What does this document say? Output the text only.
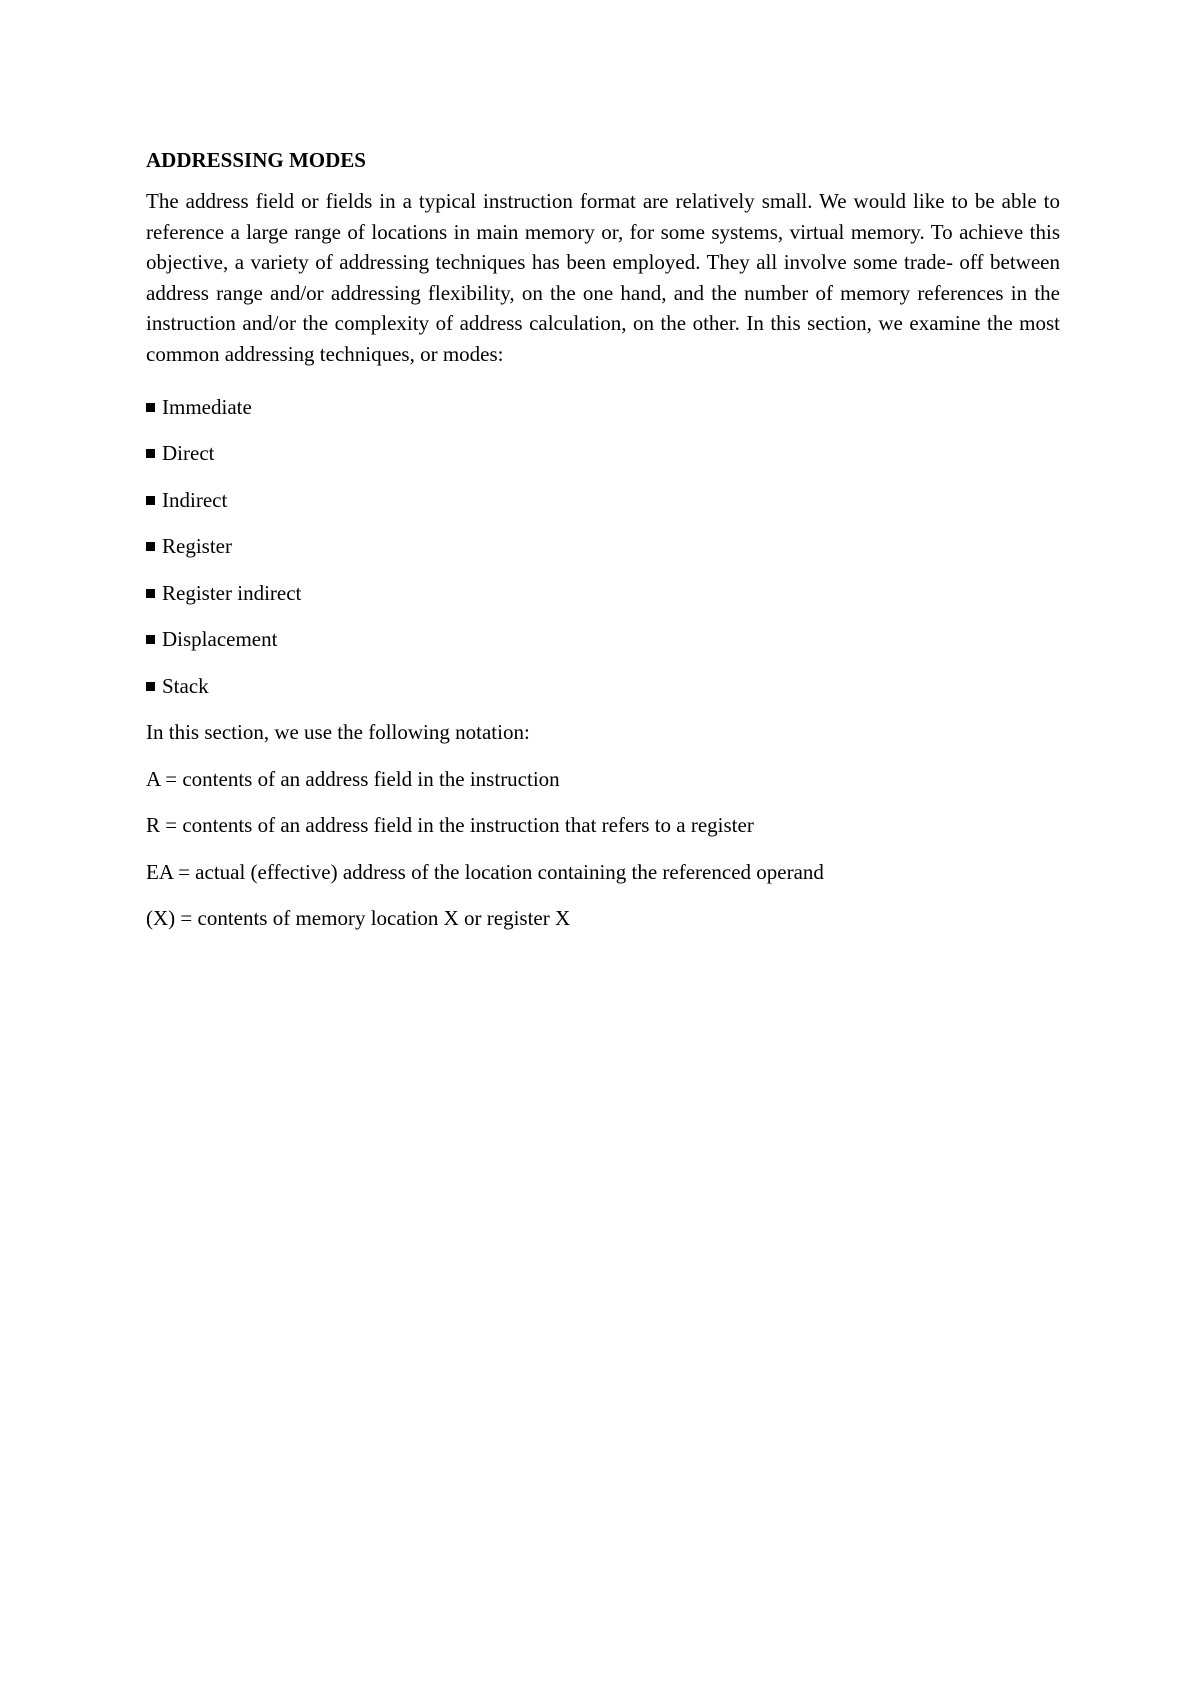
ADDRESSING MODES

The address field or fields in a typical instruction format are relatively small. We would like to be able to reference a large range of locations in main memory or, for some systems, virtual memory. To achieve this objective, a variety of addressing techniques has been employed. They all involve some trade- off between address range and/or addressing flexibility, on the one hand, and the number of memory references in the instruction and/or the complexity of address calculation, on the other. In this section, we examine the most common addressing techniques, or modes:

Immediate
Direct
Indirect
Register
Register indirect
Displacement
Stack

In this section, we use the following notation:

A = contents of an address field in the instruction

R = contents of an address field in the instruction that refers to a register

EA = actual (effective) address of the location containing the referenced operand

(X) = contents of memory location X or register X
